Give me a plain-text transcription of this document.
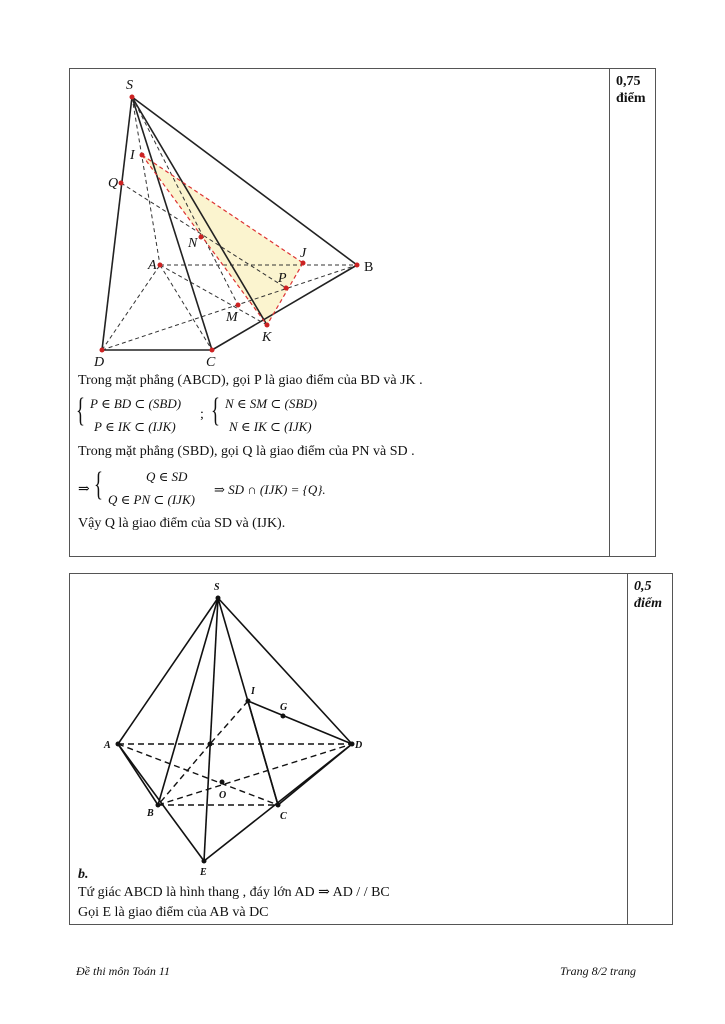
0,75
điểm
S
I
Q
N
J
A	B
P
M
K
D	C
Trong mặt phẳng (ABCD), gọi P là giao điểm của BD và JK .
{ P ∈ BD ⊂ (SBD)
P ∈ IK ⊂ (IJK)
; { N ∈ SM ⊂ (SBD)
N ∈ IK ⊂ (IJK)
Trong mặt phẳng (SBD), gọi Q là giao điểm của PN và SD .
⇒ {	Q ∈ SD
Q ∈ PN ⊂ (IJK)
⇒ SD ∩ (IJK) = {Q}.
Vậy Q là giao điểm của SD và (IJK).
0,5
điểm
S
I
G
A	D
O
B	C
E
b.
Tứ giác ABCD là hình thang , đáy lớn AD ⇒ AD / / BC
Gọi E là giao điểm của AB và DC
Đề thi môn Toán 11	Trang 8/2 trang
